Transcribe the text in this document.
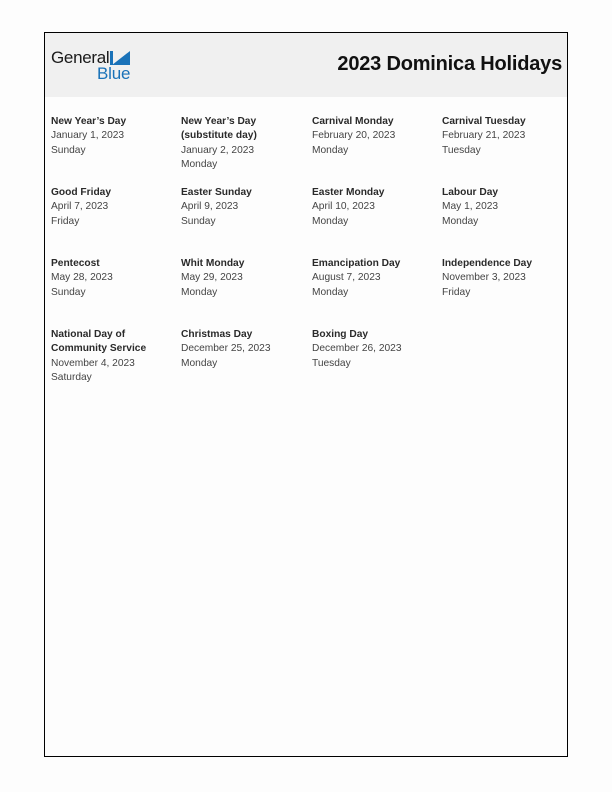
General
Blue	2023 Dominica Holidays
New Year’s Day
January 1, 2023
Sunday
New Year’s Day (substitute day)
January 2, 2023
Monday
Carnival Monday
February 20, 2023
Monday
Carnival Tuesday
February 21, 2023
Tuesday
Good Friday
April 7, 2023
Friday
Easter Sunday
April 9, 2023
Sunday
Easter Monday
April 10, 2023
Monday
Labour Day
May 1, 2023
Monday
Pentecost
May 28, 2023
Sunday
Whit Monday
May 29, 2023
Monday
Emancipation Day
August 7, 2023
Monday
Independence Day
November 3, 2023
Friday
National Day of Community Service
November 4, 2023
Saturday
Christmas Day
December 25, 2023
Monday
Boxing Day
December 26, 2023
Tuesday
